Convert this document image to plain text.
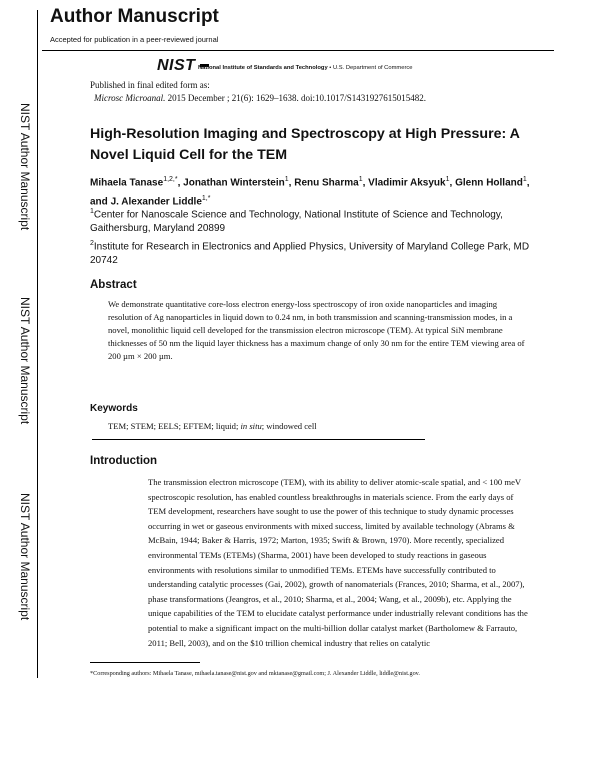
NIST Author Manuscript
NIST Author Manuscript
NIST Author Manuscript
Author Manuscript
Accepted for publication in a peer-reviewed journal
NIST National Institute of Standards and Technology • U.S. Department of Commerce
Published in final edited form as:
Microsc Microanal. 2015 December ; 21(6): 1629–1638. doi:10.1017/S1431927615015482.
High-Resolution Imaging and Spectroscopy at High Pressure: A Novel Liquid Cell for the TEM
Mihaela Tanase$^{1,2,*}$, Jonathan Winterstein$^1$, Renu Sharma$^1$, Vladimir Aksyuk$^1$, Glenn Holland$^1$, and J. Alexander Liddle$^{1,*}$
$^1$Center for Nanoscale Science and Technology, National Institute of Science and Technology, Gaithersburg, Maryland 20899
$^2$Institute for Research in Electronics and Applied Physics, University of Maryland College Park, MD 20742
Abstract
We demonstrate quantitative core-loss electron energy-loss spectroscopy of iron oxide nanoparticles and imaging resolution of Ag nanoparticles in liquid down to 0.24 nm, in both transmission and scanning-transmission modes, in a novel, monolithic liquid cell developed for the transmission electron microscope (TEM). At typical SiN membrane thicknesses of 50 nm the liquid layer thickness has a maximum change of only 30 nm for the entire TEM viewing area of 200 µm × 200 µm.
Keywords
TEM; STEM; EELS; EFTEM; liquid; in situ; windowed cell
Introduction
The transmission electron microscope (TEM), with its ability to deliver atomic-scale spatial, and < 100 meV spectroscopic resolution, has enabled countless breakthroughs in materials science. From the early days of TEM development, researchers have sought to use the power of this technique to study dynamic processes occurring in wet or gaseous environments with mixed success, limited by available technology (Abrams & McBain, 1944; Baker & Harris, 1972; Marton, 1935; Swift & Brown, 1970). More recently, specialized environmental TEMs (ETEMs) (Sharma, 2001) have been developed to study reactions in gaseous environments with resolutions similar to unmodified TEMs. ETEMs have successfully contributed to understanding catalytic processes (Gai, 2002), growth of nanomaterials (Frances, 2010; Sharma, et al., 2007), phase transformations (Jeangros, et al., 2010; Sharma, et al., 2004; Wang, et al., 2009b), etc. Applying the unique capabilities of the TEM to elucidate catalyst performance under industrially relevant conditions has the potential to make a significant impact on the multi-billion dollar catalyst market (Bartholomew & Farrauto, 2011; Bell, 2003), and on the $10 trillion chemical industry that relies on catalytic
*Corresponding authors: Mihaela Tanase, mihaela.tanase@nist.gov and mktanase@gmail.com; J. Alexander Liddle, liddle@nist.gov.
